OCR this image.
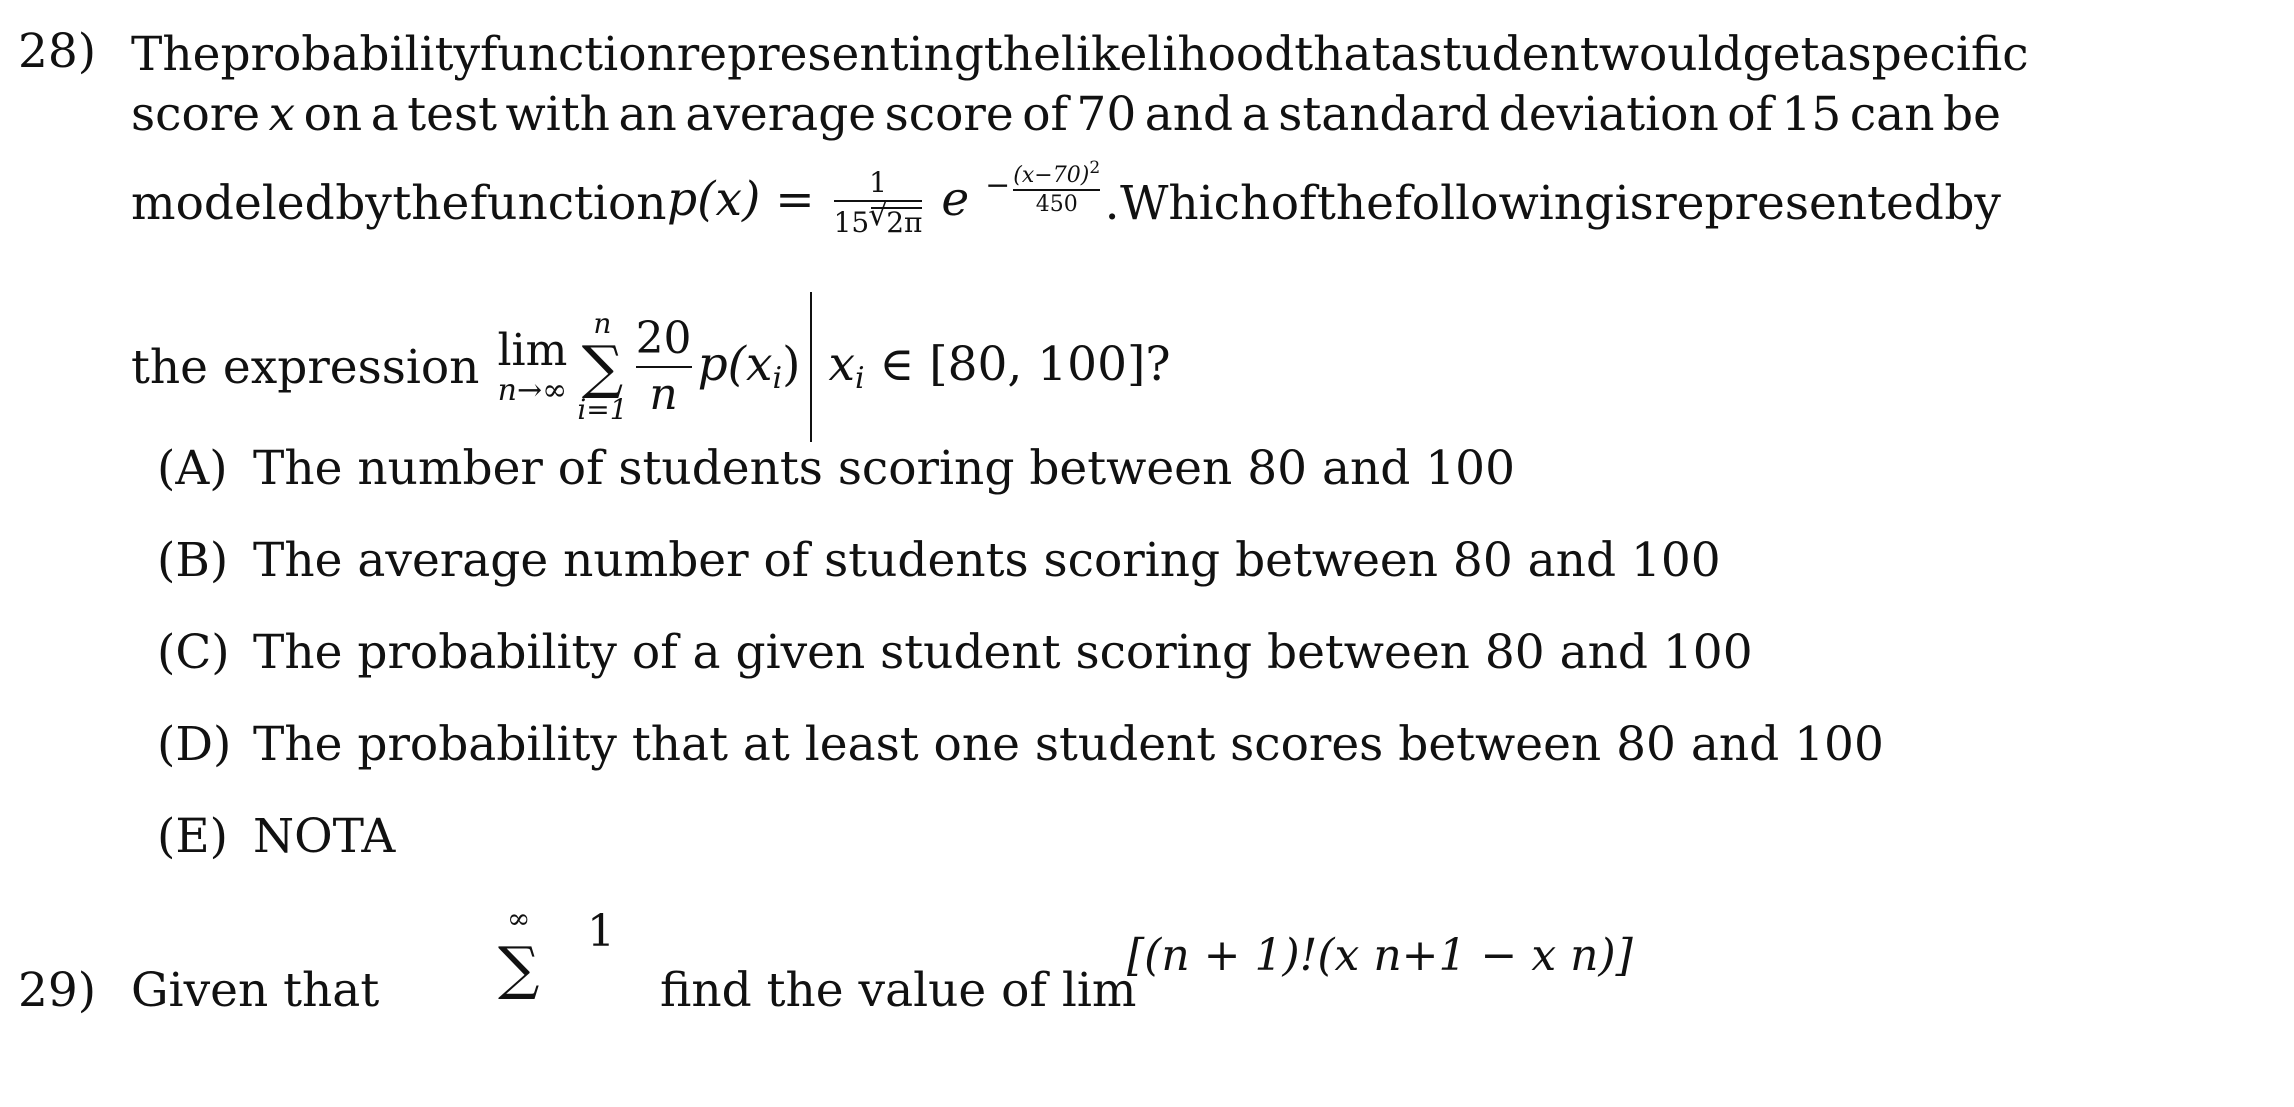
28) The probability function representing the likelihood that a student would get a specific
score x on a test with an average score of 70 and a standard deviation of 15 can be
modeled by the function $p(x) = \frac{1}{15√ 2\pi}$ $e - \frac{(x-70)^2}{450}$ . Which of the following is represented by
the expression lim
n→∞
n
∑
$i=1 \frac{20}{n} p(xi)$ xi ∈ [80, 100]?
(A) The number of students scoring between 80 and 100
(B) The average number of students scoring between 80 and 100
(C) The probability of a given student scoring between 80 and 100
(D) The probability that at least one student scores between 80 and 100
(E) NOTA
29) Given that
∞
∑
1
find the value of lim
[(n + 1)!(x n+1 − x n)]
